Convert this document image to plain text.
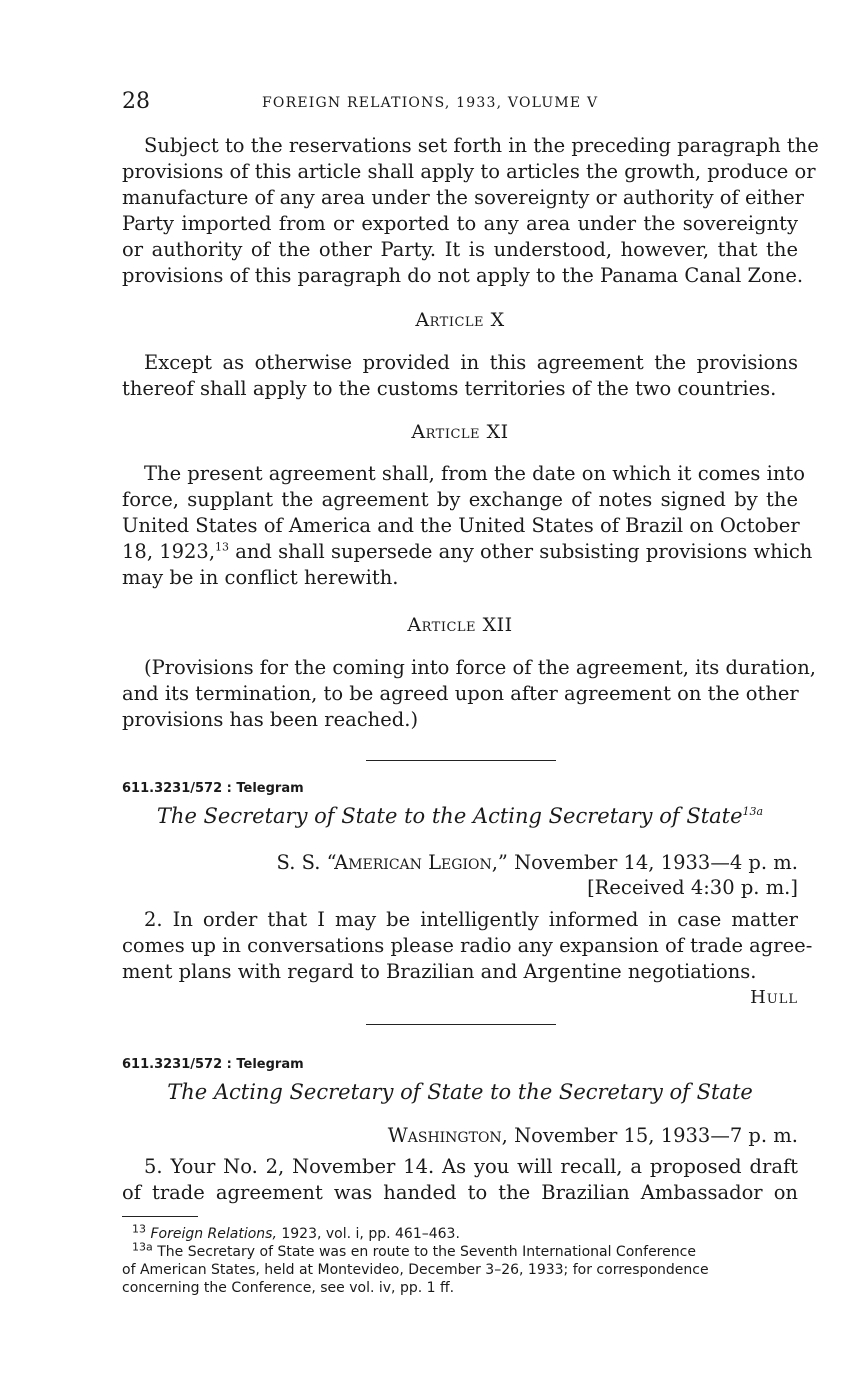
28	FOREIGN RELATIONS, 1933, VOLUME V
Subject to the reservations set forth in the preceding paragraph the
provisions of this article shall apply to articles the growth, produce or
manufacture of any area under the sovereignty or authority of either
Party imported from or exported to any area under the sovereignty
or authority of the other Party. It is understood, however, that the
provisions of this paragraph do not apply to the Panama Canal Zone.
Article X
Except as otherwise provided in this agreement the provisions
thereof shall apply to the customs territories of the two countries.
Article XI
The present agreement shall, from the date on which it comes into
force, supplant the agreement by exchange of notes signed by the
United States of America and the United States of Brazil on October
18, 1923,13 and shall supersede any other subsisting provisions which
may be in conflict herewith.
Article XII
(Provisions for the coming into force of the agreement, its duration,
and its termination, to be agreed upon after agreement on the other
provisions has been reached.)
611.3231/572 : Telegram
The Secretary of State to the Acting Secretary of State$^{13a}$
S. S. “American Legion,” November 14, 1933—4 p. m.
[Received 4:30 p. m.]
2. In order that I may be intelligently informed in case matter
comes up in conversations please radio any expansion of trade agree-
ment plans with regard to Brazilian and Argentine negotiations.
Hull
611.3231/572 : Telegram
The Acting Secretary of State to the Secretary of State
Washington, November 15, 1933—7 p. m.
5. Your No. 2, November 14. As you will recall, a proposed draft
of trade agreement was handed to the Brazilian Ambassador on
$^{13}$ Foreign Relations, 1923, vol. i, pp. 461–463.
$^{13a}$ The Secretary of State was en route to the Seventh International Conference
of American States, held at Montevideo, December 3–26, 1933; for correspondence
concerning the Conference, see vol. iv, pp. 1 ff.
